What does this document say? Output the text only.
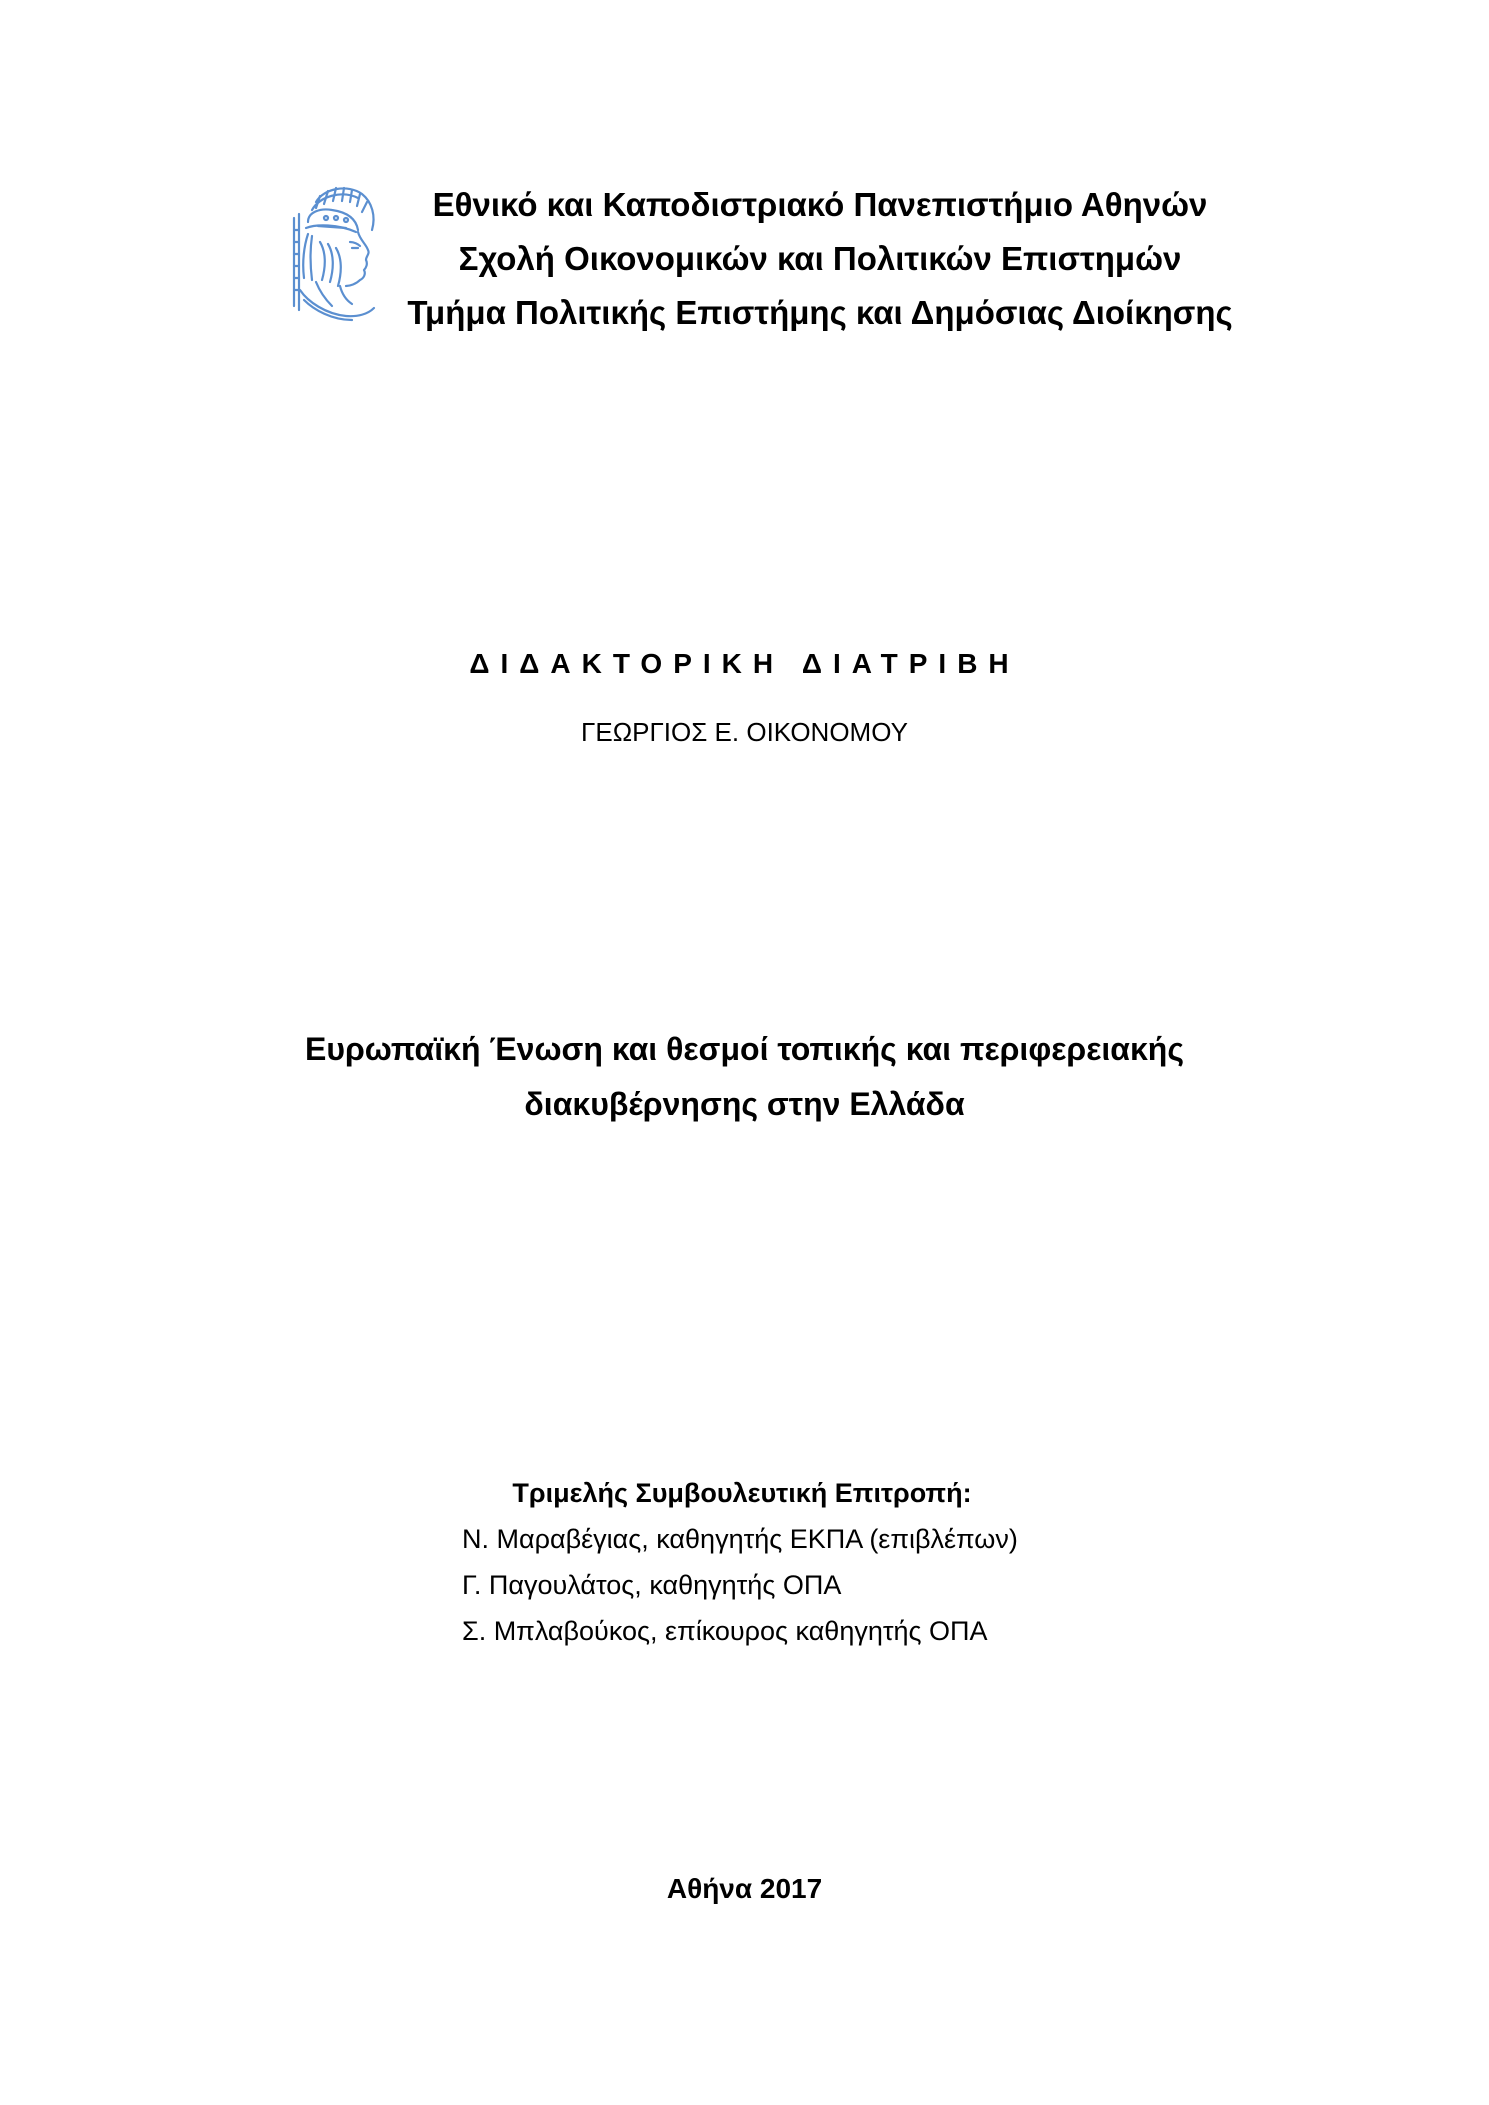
Εθνικό και Καποδιστριακό Πανεπιστήμιο Αθηνών
Σχολή Οικονομικών και Πολιτικών Επιστημών
Τμήμα Πολιτικής Επιστήμης και Δημόσιας Διοίκησης
ΔΙΔΑΚΤΟΡΙΚΗ ΔΙΑΤΡΙΒΗ
ΓΕΩΡΓΙΟΣ Ε. ΟΙΚΟΝΟΜΟΥ
Ευρωπαϊκή Ένωση και θεσμοί τοπικής και περιφερειακής
διακυβέρνησης στην Ελλάδα
Τριμελής Συμβουλευτική Επιτροπή:
Ν. Μαραβέγιας, καθηγητής ΕΚΠΑ (επιβλέπων)
Γ. Παγουλάτος, καθηγητής ΟΠΑ
Σ. Μπλαβούκος, επίκουρος καθηγητής ΟΠΑ
Αθήνα 2017
